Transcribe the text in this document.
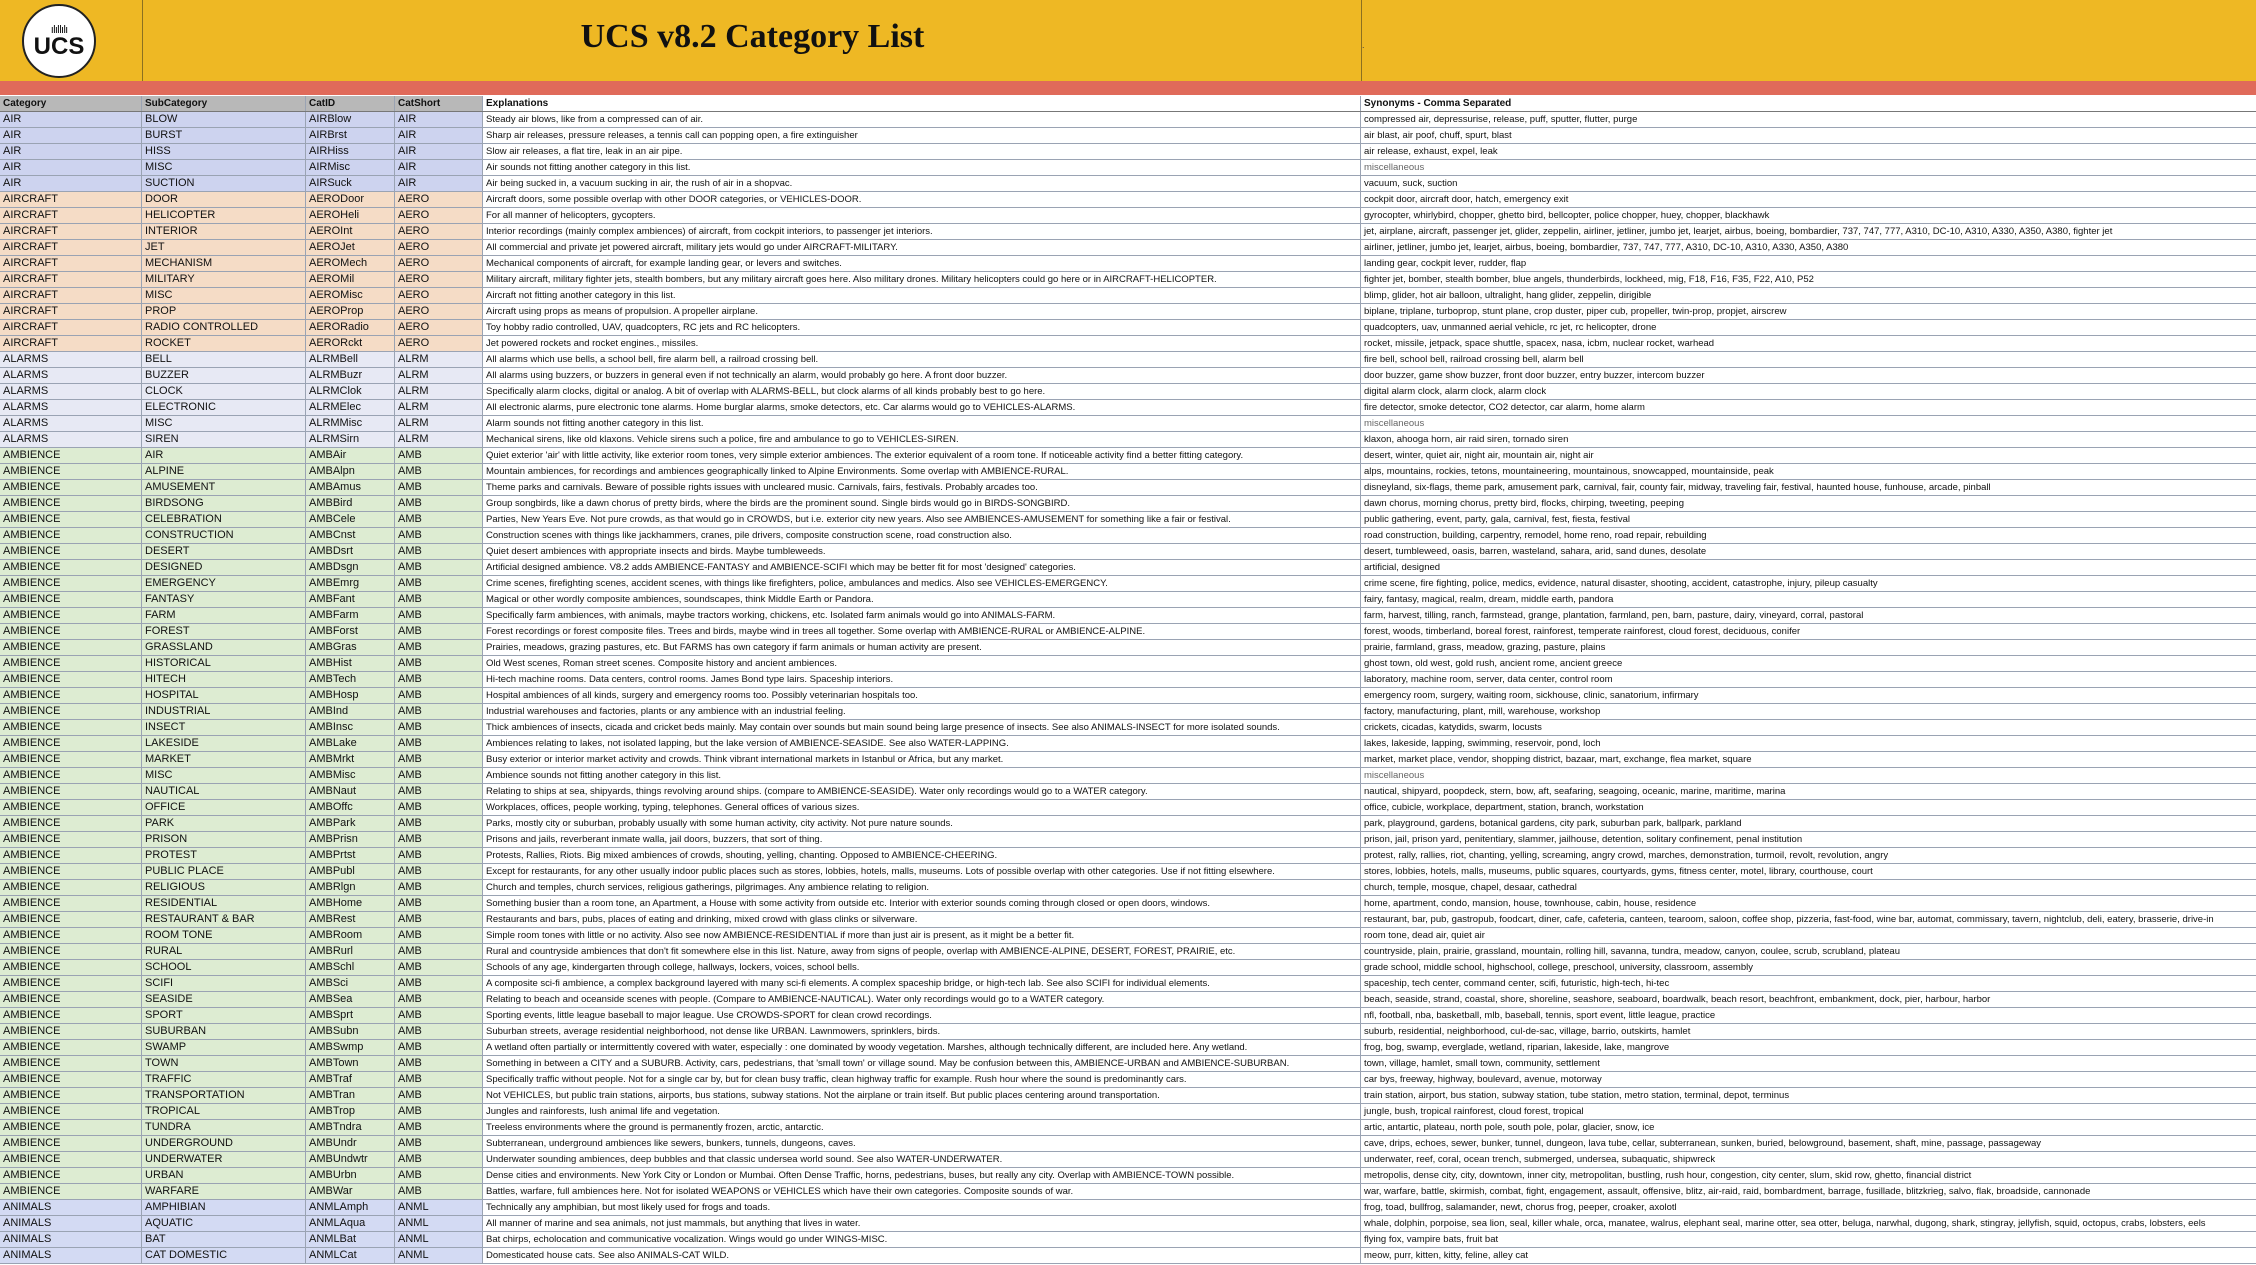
ılıllılı
UCS	UCS v8.2 Category List	.
Category	SubCategory	CatID	CatShort	Explanations	Synonyms - Comma Separated
AIR	BLOW	AIRBlow	AIR	Steady air blows, like from a compressed can of air.	compressed air, depressurise, release, puff, sputter, flutter, purge
AIR	BURST	AIRBrst	AIR	Sharp air releases, pressure releases, a tennis call can popping open, a fire extinguisher	air blast, air poof, chuff, spurt, blast
AIR	HISS	AIRHiss	AIR	Slow air releases, a flat tire, leak in an air pipe.	air release, exhaust, expel, leak
AIR	MISC	AIRMisc	AIR	Air sounds not fitting another category in this list.	miscellaneous
AIR	SUCTION	AIRSuck	AIR	Air being sucked in, a vacuum sucking in air, the rush of air in a shopvac.	vacuum, suck, suction
AIRCRAFT	DOOR	AERODoor	AERO	Aircraft doors, some possible overlap with other DOOR categories, or VEHICLES-DOOR.	cockpit door, aircraft door, hatch, emergency exit
AIRCRAFT	HELICOPTER	AEROHeli	AERO	For all manner of helicopters, gycopters.	gyrocopter, whirlybird, chopper, ghetto bird, bellcopter, police chopper, huey, chopper, blackhawk
AIRCRAFT	INTERIOR	AEROInt	AERO	Interior recordings (mainly complex ambiences) of aircraft, from cockpit interiors, to passenger jet interiors.	jet, airplane, aircraft, passenger jet, glider, zeppelin, airliner, jetliner, jumbo jet, learjet, airbus, boeing, bombardier, 737, 747, 777, A310, DC-10, A310, A330, A350, A380, fighter jet
AIRCRAFT	JET	AEROJet	AERO	All commercial and private jet powered aircraft, military jets would go under AIRCRAFT-MILITARY.	airliner, jetliner, jumbo jet, learjet, airbus, boeing, bombardier, 737, 747, 777, A310, DC-10, A310, A330, A350, A380
AIRCRAFT	MECHANISM	AEROMech	AERO	Mechanical components of aircraft, for example landing gear, or levers and switches.	landing gear, cockpit lever, rudder, flap
AIRCRAFT	MILITARY	AEROMil	AERO	Military aircraft, military fighter jets, stealth bombers, but any military aircraft goes here. Also military drones. Military helicopters could go here or in AIRCRAFT-HELICOPTER.	fighter jet, bomber, stealth bomber, blue angels, thunderbirds, lockheed, mig, F18, F16, F35, F22, A10, P52
AIRCRAFT	MISC	AEROMisc	AERO	Aircraft not fitting another category in this list.	blimp, glider, hot air balloon, ultralight, hang glider, zeppelin, dirigible
AIRCRAFT	PROP	AEROProp	AERO	Aircraft using props as means of propulsion. A propeller airplane.	biplane, triplane, turboprop, stunt plane, crop duster, piper cub, propeller, twin-prop, propjet, airscrew
AIRCRAFT	RADIO CONTROLLED	AERORadio	AERO	Toy hobby radio controlled, UAV, quadcopters, RC jets and RC helicopters.	quadcopters, uav, unmanned aerial vehicle, rc jet, rc helicopter, drone
AIRCRAFT	ROCKET	AERORckt	AERO	Jet powered rockets and rocket engines., missiles.	rocket, missile, jetpack, space shuttle, spacex, nasa, icbm, nuclear rocket, warhead
ALARMS	BELL	ALRMBell	ALRM	All alarms which use bells, a school bell, fire alarm bell, a railroad crossing bell.	fire bell, school bell, railroad crossing bell, alarm bell
ALARMS	BUZZER	ALRMBuzr	ALRM	All alarms using buzzers, or buzzers in general even if not technically an alarm, would probably go here. A front door buzzer.	door buzzer, game show buzzer, front door buzzer, entry buzzer, intercom buzzer
ALARMS	CLOCK	ALRMClok	ALRM	Specifically alarm clocks, digital or analog. A bit of overlap with ALARMS-BELL, but clock alarms of all kinds probably best to go here.	digital alarm clock, alarm clock, alarm clock
ALARMS	ELECTRONIC	ALRMElec	ALRM	All electronic alarms, pure electronic tone alarms. Home burglar alarms, smoke detectors, etc. Car alarms would go to VEHICLES-ALARMS.	fire detector, smoke detector, CO2 detector, car alarm, home alarm
ALARMS	MISC	ALRMMisc	ALRM	Alarm sounds not fitting another category in this list.	miscellaneous
ALARMS	SIREN	ALRMSirn	ALRM	Mechanical sirens, like old klaxons. Vehicle sirens such a police, fire and ambulance to go to VEHICLES-SIREN.	klaxon, ahooga horn, air raid siren, tornado siren
AMBIENCE	AIR	AMBAir	AMB	Quiet exterior 'air' with little activity, like exterior room tones, very simple exterior ambiences. The exterior equivalent of a room tone. If noticeable activity find a better fitting category.	desert, winter, quiet air, night air, mountain air, night air
AMBIENCE	ALPINE	AMBAlpn	AMB	Mountain ambiences, for recordings and ambiences geographically linked to Alpine Environments. Some overlap with AMBIENCE-RURAL.	alps, mountains, rockies, tetons, mountaineering, mountainous, snowcapped, mountainside, peak
AMBIENCE	AMUSEMENT	AMBAmus	AMB	Theme parks and carnivals. Beware of possible rights issues with uncleared music. Carnivals, fairs, festivals. Probably arcades too.	disneyland, six-flags, theme park, amusement park, carnival, fair, county fair, midway, traveling fair, festival, haunted house, funhouse, arcade, pinball
AMBIENCE	BIRDSONG	AMBBird	AMB	Group songbirds, like a dawn chorus of pretty birds, where the birds are the prominent sound. Single birds would go in BIRDS-SONGBIRD.	dawn chorus, morning chorus, pretty bird, flocks, chirping, tweeting, peeping
AMBIENCE	CELEBRATION	AMBCele	AMB	Parties, New Years Eve. Not pure crowds, as that would go in CROWDS, but i.e. exterior city new years. Also see AMBIENCES-AMUSEMENT for something like a fair or festival.	public gathering, event, party, gala, carnival, fest, fiesta, festival
AMBIENCE	CONSTRUCTION	AMBCnst	AMB	Construction scenes with things like jackhammers, cranes, pile drivers, composite construction scene, road construction also.	road construction, building, carpentry, remodel, home reno, road repair, rebuilding
AMBIENCE	DESERT	AMBDsrt	AMB	Quiet desert ambiences with appropriate insects and birds. Maybe tumbleweeds.	desert, tumbleweed, oasis, barren, wasteland, sahara, arid, sand dunes, desolate
AMBIENCE	DESIGNED	AMBDsgn	AMB	Artificial designed ambience. V8.2 adds AMBIENCE-FANTASY and AMBIENCE-SCIFI which may be better fit for most 'designed' categories.	artificial, designed
AMBIENCE	EMERGENCY	AMBEmrg	AMB	Crime scenes, firefighting scenes, accident scenes, with things like firefighters, police, ambulances and medics. Also see VEHICLES-EMERGENCY.	crime scene, fire fighting, police, medics, evidence, natural disaster, shooting, accident, catastrophe, injury, pileup casualty
AMBIENCE	FANTASY	AMBFant	AMB	Magical or other wordly composite ambiences, soundscapes, think Middle Earth or Pandora.	fairy, fantasy, magical, realm, dream, middle earth, pandora
AMBIENCE	FARM	AMBFarm	AMB	Specifically farm ambiences, with animals, maybe tractors working, chickens, etc. Isolated farm animals would go into ANIMALS-FARM.	farm, harvest, tilling, ranch, farmstead, grange, plantation, farmland, pen, barn, pasture, dairy, vineyard, corral, pastoral
AMBIENCE	FOREST	AMBForst	AMB	Forest recordings or forest composite files. Trees and birds, maybe wind in trees all together. Some overlap with AMBIENCE-RURAL or AMBIENCE-ALPINE.	forest, woods, timberland, boreal forest, rainforest, temperate rainforest, cloud forest, deciduous, conifer
AMBIENCE	GRASSLAND	AMBGras	AMB	Prairies, meadows, grazing pastures, etc. But FARMS has own category if farm animals or human activity are present.	prairie, farmland, grass, meadow, grazing, pasture, plains
AMBIENCE	HISTORICAL	AMBHist	AMB	Old West scenes, Roman street scenes. Composite history and ancient ambiences.	ghost town, old west, gold rush, ancient rome, ancient greece
AMBIENCE	HITECH	AMBTech	AMB	Hi-tech machine rooms. Data centers, control rooms. James Bond type lairs. Spaceship interiors.	laboratory, machine room, server, data center, control room
AMBIENCE	HOSPITAL	AMBHosp	AMB	Hospital ambiences of all kinds, surgery and emergency rooms too. Possibly veterinarian hospitals too.	emergency room, surgery, waiting room, sickhouse, clinic, sanatorium, infirmary
AMBIENCE	INDUSTRIAL	AMBInd	AMB	Industrial warehouses and factories, plants or any ambience with an industrial feeling.	factory, manufacturing, plant, mill, warehouse, workshop
AMBIENCE	INSECT	AMBInsc	AMB	Thick ambiences of insects, cicada and cricket beds mainly. May contain over sounds but main sound being large presence of insects. See also ANIMALS-INSECT for more isolated sounds.	crickets, cicadas, katydids, swarm, locusts
AMBIENCE	LAKESIDE	AMBLake	AMB	Ambiences relating to lakes, not isolated lapping, but the lake version of AMBIENCE-SEASIDE. See also WATER-LAPPING.	lakes, lakeside, lapping, swimming, reservoir, pond, loch
AMBIENCE	MARKET	AMBMrkt	AMB	Busy exterior or interior market activity and crowds. Think vibrant international markets in Istanbul or Africa, but any market.	market, market place, vendor, shopping district, bazaar, mart, exchange, flea market, square
AMBIENCE	MISC	AMBMisc	AMB	Ambience sounds not fitting another category in this list.	miscellaneous
AMBIENCE	NAUTICAL	AMBNaut	AMB	Relating to ships at sea, shipyards, things revolving around ships. (compare to AMBIENCE-SEASIDE). Water only recordings would go to a WATER category.	nautical, shipyard, poopdeck, stern, bow, aft, seafaring, seagoing, oceanic, marine, maritime, marina
AMBIENCE	OFFICE	AMBOffc	AMB	Workplaces, offices, people working, typing, telephones. General offices of various sizes.	office, cubicle, workplace, department, station, branch, workstation
AMBIENCE	PARK	AMBPark	AMB	Parks, mostly city or suburban, probably usually with some human activity, city activity. Not pure nature sounds.	park, playground, gardens, botanical gardens, city park, suburban park, ballpark, parkland
AMBIENCE	PRISON	AMBPrisn	AMB	Prisons and jails, reverberant inmate walla, jail doors, buzzers, that sort of thing.	prison, jail, prison yard, penitentiary, slammer, jailhouse, detention, solitary confinement, penal institution
AMBIENCE	PROTEST	AMBPrtst	AMB	Protests, Rallies, Riots. Big mixed ambiences of crowds, shouting, yelling, chanting. Opposed to AMBIENCE-CHEERING.	protest, rally, rallies, riot, chanting, yelling, screaming, angry crowd, marches, demonstration, turmoil, revolt, revolution, angry
AMBIENCE	PUBLIC PLACE	AMBPubl	AMB	Except for restaurants, for any other usually indoor public places such as stores, lobbies, hotels, malls, museums. Lots of possible overlap with other categories. Use if not fitting elsewhere.	stores, lobbies, hotels, malls, museums, public squares, courtyards, gyms, fitness center, motel, library, courthouse, court
AMBIENCE	RELIGIOUS	AMBRlgn	AMB	Church and temples, church services, religious gatherings, pilgrimages. Any ambience relating to religion.	church, temple, mosque, chapel, desaar, cathedral
AMBIENCE	RESIDENTIAL	AMBHome	AMB	Something busier than a room tone, an Apartment, a House with some activity from outside etc. Interior with exterior sounds coming through closed or open doors, windows.	home, apartment, condo, mansion, house, townhouse, cabin, house, residence
AMBIENCE	RESTAURANT & BAR	AMBRest	AMB	Restaurants and bars, pubs, places of eating and drinking, mixed crowd with glass clinks or silverware.	restaurant, bar, pub, gastropub, foodcart, diner, cafe, cafeteria, canteen, tearoom, saloon, coffee shop, pizzeria, fast-food, wine bar, automat, commissary, tavern, nightclub, deli, eatery, brasserie, drive-in
AMBIENCE	ROOM TONE	AMBRoom	AMB	Simple room tones with little or no activity. Also see now AMBIENCE-RESIDENTIAL if more than just air is present, as it might be a better fit.	room tone, dead air, quiet air
AMBIENCE	RURAL	AMBRurl	AMB	Rural and countryside ambiences that don't fit somewhere else in this list. Nature, away from signs of people, overlap with AMBIENCE-ALPINE, DESERT, FOREST, PRAIRIE, etc.	countryside, plain, prairie, grassland, mountain, rolling hill, savanna, tundra, meadow, canyon, coulee, scrub, scrubland, plateau
AMBIENCE	SCHOOL	AMBSchl	AMB	Schools of any age, kindergarten through college, hallways, lockers, voices, school bells.	grade school, middle school, highschool, college, preschool, university, classroom, assembly
AMBIENCE	SCIFI	AMBSci	AMB	A composite sci-fi ambience, a complex background layered with many sci-fi elements. A complex spaceship bridge, or high-tech lab. See also SCIFI for individual elements.	spaceship, tech center, command center, scifi, futuristic, high-tech, hi-tec
AMBIENCE	SEASIDE	AMBSea	AMB	Relating to beach and oceanside scenes with people. (Compare to AMBIENCE-NAUTICAL). Water only recordings would go to a WATER category.	beach, seaside, strand, coastal, shore, shoreline, seashore, seaboard, boardwalk, beach resort, beachfront, embankment, dock, pier, harbour, harbor
AMBIENCE	SPORT	AMBSprt	AMB	Sporting events, little league baseball to major league. Use CROWDS-SPORT for clean crowd recordings.	nfl, football, nba, basketball, mlb, baseball, tennis, sport event, little league, practice
AMBIENCE	SUBURBAN	AMBSubn	AMB	Suburban streets, average residential neighborhood, not dense like URBAN. Lawnmowers, sprinklers, birds.	suburb, residential, neighborhood, cul-de-sac, village, barrio, outskirts, hamlet
AMBIENCE	SWAMP	AMBSwmp	AMB	A wetland often partially or intermittently covered with water, especially : one dominated by woody vegetation. Marshes, although technically different, are included here. Any wetland.	frog, bog, swamp, everglade, wetland, riparian, lakeside, lake, mangrove
AMBIENCE	TOWN	AMBTown	AMB	Something in between a CITY and a SUBURB. Activity, cars, pedestrians, that 'small town' or village sound. May be confusion between this, AMBIENCE-URBAN and AMBIENCE-SUBURBAN.	town, village, hamlet, small town, community, settlement
AMBIENCE	TRAFFIC	AMBTraf	AMB	Specifically traffic without people. Not for a single car by, but for clean busy traffic, clean highway traffic for example. Rush hour where the sound is predominantly cars.	car bys, freeway, highway, boulevard, avenue, motorway
AMBIENCE	TRANSPORTATION	AMBTran	AMB	Not VEHICLES, but public train stations, airports, bus stations, subway stations. Not the airplane or train itself. But public places centering around transportation.	train station, airport, bus station, subway station, tube station, metro station, terminal, depot, terminus
AMBIENCE	TROPICAL	AMBTrop	AMB	Jungles and rainforests, lush animal life and vegetation.	jungle, bush, tropical rainforest, cloud forest, tropical
AMBIENCE	TUNDRA	AMBTndra	AMB	Treeless environments where the ground is permanently frozen, arctic, antarctic.	artic, antartic, plateau, north pole, south pole, polar, glacier, snow, ice
AMBIENCE	UNDERGROUND	AMBUndr	AMB	Subterranean, underground ambiences like sewers, bunkers, tunnels, dungeons, caves.	cave, drips, echoes, sewer, bunker, tunnel, dungeon, lava tube, cellar, subterranean, sunken, buried, belowground, basement, shaft, mine, passage, passageway
AMBIENCE	UNDERWATER	AMBUndwtr	AMB	Underwater sounding ambiences, deep bubbles and that classic undersea world sound. See also WATER-UNDERWATER.	underwater, reef, coral, ocean trench, submerged, undersea, subaquatic, shipwreck
AMBIENCE	URBAN	AMBUrbn	AMB	Dense cities and environments. New York City or London or Mumbai. Often Dense Traffic, horns, pedestrians, buses, but really any city. Overlap with AMBIENCE-TOWN possible.	metropolis, dense city, city, downtown, inner city, metropolitan, bustling, rush hour, congestion, city center, slum, skid row, ghetto, financial district
AMBIENCE	WARFARE	AMBWar	AMB	Battles, warfare, full ambiences here. Not for isolated WEAPONS or VEHICLES which have their own categories. Composite sounds of war.	war, warfare, battle, skirmish, combat, fight, engagement, assault, offensive, blitz, air-raid, raid, bombardment, barrage, fusillade, blitzkrieg, salvo, flak, broadside, cannonade
ANIMALS	AMPHIBIAN	ANMLAmph	ANML	Technically any amphibian, but most likely used for frogs and toads.	frog, toad, bullfrog, salamander, newt, chorus frog, peeper, croaker, axolotl
ANIMALS	AQUATIC	ANMLAqua	ANML	All manner of marine and sea animals, not just mammals, but anything that lives in water.	whale, dolphin, porpoise, sea lion, seal, killer whale, orca, manatee, walrus, elephant seal, marine otter, sea otter, beluga, narwhal, dugong, shark, stingray, jellyfish, squid, octopus, crabs, lobsters, eels
ANIMALS	BAT	ANMLBat	ANML	Bat chirps, echolocation and communicative vocalization. Wings would go under WINGS-MISC.	flying fox, vampire bats, fruit bat
ANIMALS	CAT DOMESTIC	ANMLCat	ANML	Domesticated house cats. See also ANIMALS-CAT WILD.	meow, purr, kitten, kitty, feline, alley cat
